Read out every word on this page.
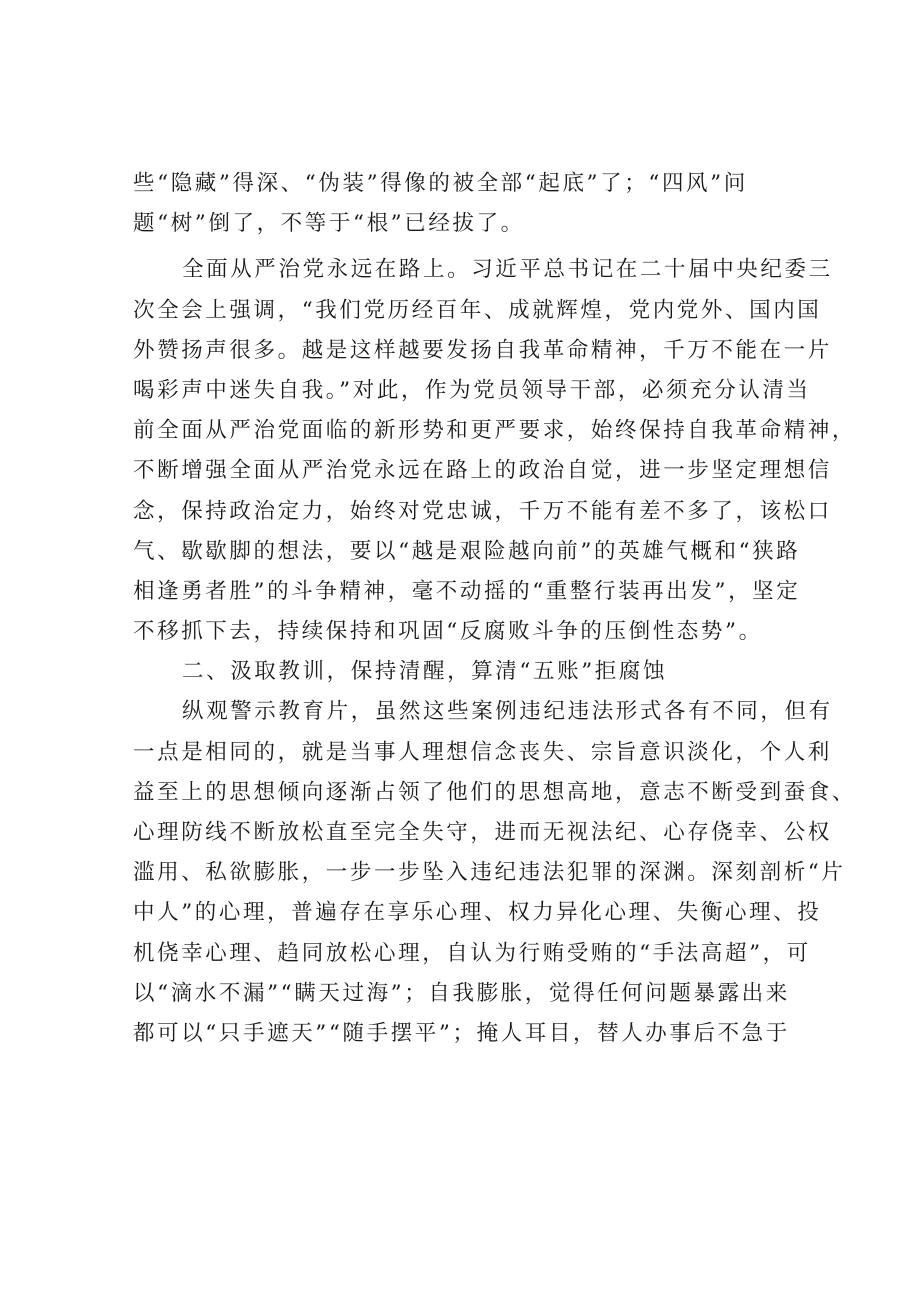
些“隐藏”得深、“伪装”得像的被全部“起底”了；“四风”问
题“树”倒了，不等于“根”已经拔了。
全面从严治党永远在路上。习近平总书记在二十届中央纪委三
次全会上强调，“我们党历经百年、成就辉煌，党内党外、国内国
外赞扬声很多。越是这样越要发扬自我革命精神，千万不能在一片
喝彩声中迷失自我。”对此，作为党员领导干部，必须充分认清当
前全面从严治党面临的新形势和更严要求，始终保持自我革命精神，
不断增强全面从严治党永远在路上的政治自觉，进一步坚定理想信
念，保持政治定力，始终对党忠诚，千万不能有差不多了，该松口
气、歇歇脚的想法，要以“越是艰险越向前”的英雄气概和“狭路
相逢勇者胜”的斗争精神，毫不动摇的“重整行装再出发”，坚定
不移抓下去，持续保持和巩固“反腐败斗争的压倒性态势”。
二、汲取教训，保持清醒，算清“五账”拒腐蚀
纵观警示教育片，虽然这些案例违纪违法形式各有不同，但有
一点是相同的，就是当事人理想信念丧失、宗旨意识淡化，个人利
益至上的思想倾向逐渐占领了他们的思想高地，意志不断受到蚕食、
心理防线不断放松直至完全失守，进而无视法纪、心存侥幸、公权
滥用、私欲膨胀，一步一步坠入违纪违法犯罪的深渊。深刻剖析“片
中人”的心理，普遍存在享乐心理、权力异化心理、失衡心理、投
机侥幸心理、趋同放松心理，自认为行贿受贿的“手法高超”，可
以“滴水不漏”“瞒天过海”；自我膨胀，觉得任何问题暴露出来
都可以“只手遮天”“随手摆平”；掩人耳目，替人办事后不急于
